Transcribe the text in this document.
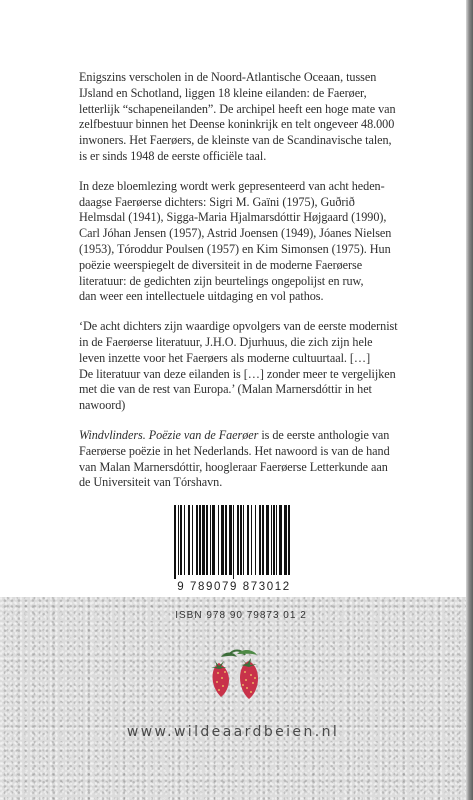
Enigszins verscholen in de Noord-Atlantische Oceaan, tussen
IJsland en Schotland, liggen 18 kleine eilanden: de Faerøer,
letterlijk “schapeneilanden”. De archipel heeft een hoge mate van
zelfbestuur binnen het Deense koninkrijk en telt ongeveer 48.000
inwoners. Het Faerøers, de kleinste van de Scandinavische talen,
is er sinds 1948 de eerste officiële taal.

In deze bloemlezing wordt werk gepresenteerd van acht heden-
daagse Faerøerse dichters: Sigri M. Gaïni (1975), Guðrið
Helmsdal (1941), Sigga-Maria Hjalmarsdóttir Højgaard (1990),
Carl Jóhan Jensen (1957), Astrid Joensen (1949), Jóanes Nielsen
(1953), Tóroddur Poulsen (1957) en Kim Simonsen (1975). Hun
poëzie weerspiegelt de diversiteit in de moderne Faerøerse
literatuur: de gedichten zijn beurtelings ongepolijst en ruw,
dan weer een intellectuele uitdaging en vol pathos.

‘De acht dichters zijn waardige opvolgers van de eerste modernist
in de Faerøerse literatuur, J.H.O. Djurhuus, die zich zijn hele
leven inzette voor het Faerøers als moderne cultuurtaal. […]
De literatuur van deze eilanden is […] zonder meer te vergelijken
met die van de rest van Europa.’ (Malan Marnersdóttir in het
nawoord)

Windvlinders. Poëzie van de Faerøer is de eerste anthologie van
Faerøerse poëzie in het Nederlands. Het nawoord is van de hand
van Malan Marnersdóttir, hoogleraar Faerøerse Letterkunde aan
de Universiteit van Tórshavn.

9 789079 873012
ISBN 978 90 79873 01 2
www.wildeaardbeien.nl
